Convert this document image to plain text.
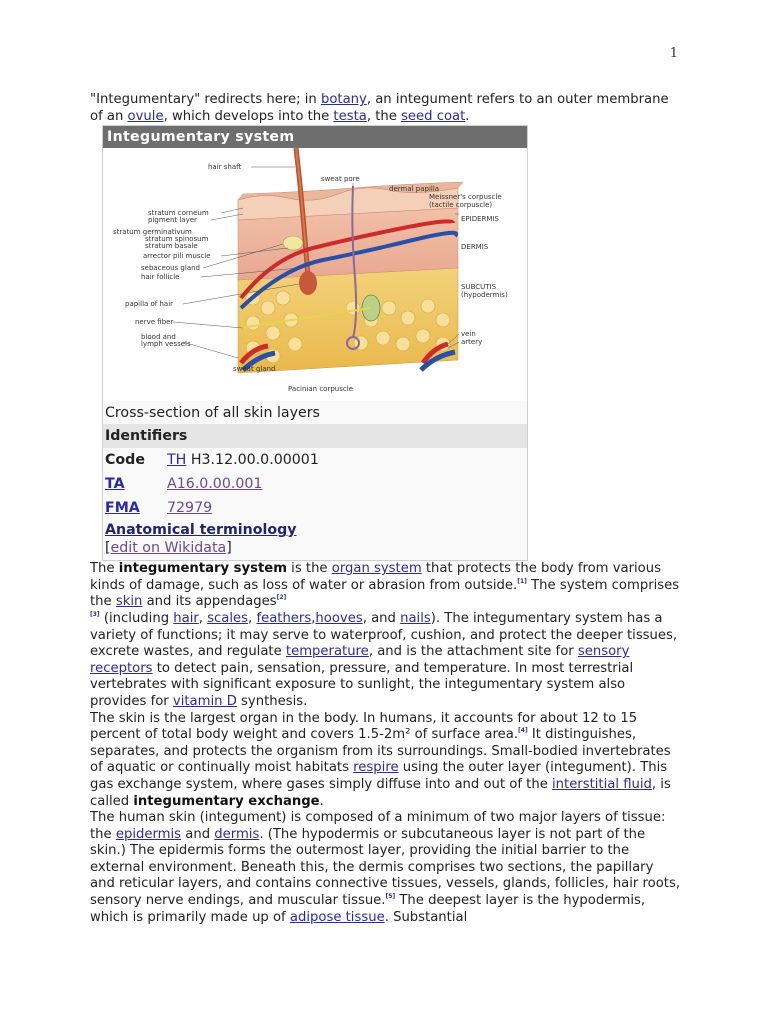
1

"Integumentary" redirects here; in botany, an integument refers to an outer membrane of an ovule, which develops into the testa, the seed coat.

Integumentary system
hair shaft
sweat pore
dermal papilla
Meissner's corpuscle
(tactile corpuscle)
stratum corneum
pigment layer
stratum germinativum
stratum spinosum
stratum basale
arrector pili muscle
sebaceous gland
hair follicle
papilla of hair
nerve fiber
blood and
lymph vessels
sweat gland
Pacinian corpuscle
EPIDERMIS
DERMIS
SUBCUTIS
(hypodermis)
vein
artery
Cross-section of all skin layers
Identifiers
Code	TH H3.12.00.0.00001
TA	A16.0.00.001
FMA	72979
Anatomical terminology
[edit on Wikidata]

The integumentary system is the organ system that protects the body from various kinds of damage, such as loss of water or abrasion from outside.[1] The system comprises the skin and its appendages[2]
[3] (including hair, scales, feathers,hooves, and nails). The integumentary system has a variety of functions; it may serve to waterproof, cushion, and protect the deeper tissues, excrete wastes, and regulate temperature, and is the attachment site for sensory receptors to detect pain, sensation, pressure, and temperature. In most terrestrial vertebrates with significant exposure to sunlight, the integumentary system also provides for vitamin D synthesis.

The skin is the largest organ in the body. In humans, it accounts for about 12 to 15 percent of total body weight and covers 1.5-2m² of surface area.[4] It distinguishes, separates, and protects the organism from its surroundings. Small-bodied invertebrates of aquatic or continually moist habitats respire using the outer layer (integument). This gas exchange system, where gases simply diffuse into and out of the interstitial fluid, is called integumentary exchange.

The human skin (integument) is composed of a minimum of two major layers of tissue: the epidermis and dermis. (The hypodermis or subcutaneous layer is not part of the skin.) The epidermis forms the outermost layer, providing the initial barrier to the external environment. Beneath this, the dermis comprises two sections, the papillary and reticular layers, and contains connective tissues, vessels, glands, follicles, hair roots, sensory nerve endings, and muscular tissue.[5] The deepest layer is the hypodermis, which is primarily made up of adipose tissue. Substantial
